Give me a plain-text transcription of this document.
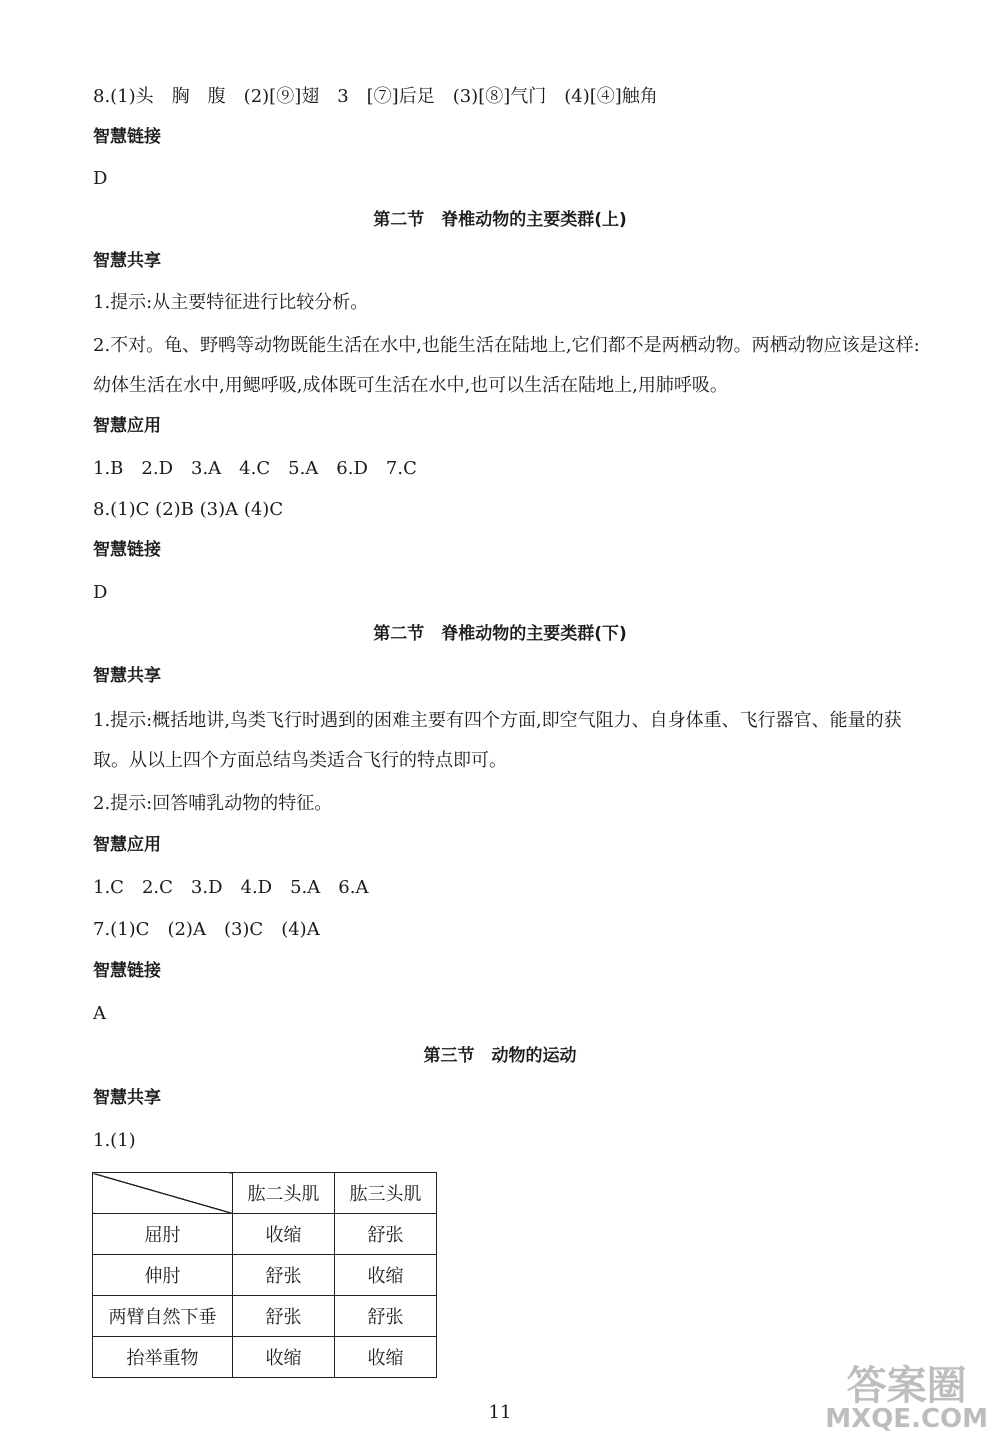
8.(1)头　胸　腹　(2)[⑨]翅　3　[⑦]后足　(3)[⑧]气门　(4)[④]触角
智慧链接
D
第二节　脊椎动物的主要类群(上)
智慧共享
1.提示:从主要特征进行比较分析。
2.不对。龟、野鸭等动物既能生活在水中,也能生活在陆地上,它们都不是两栖动物。两栖动物应该是这样:幼体生活在水中,用鳃呼吸,成体既可生活在水中,也可以生活在陆地上,用肺呼吸。
智慧应用
1.B　2.D　3.A　4.C　5.A　6.D　7.C
8.(1)C (2)B (3)A (4)C
智慧链接
D
第二节　脊椎动物的主要类群(下)
智慧共享
1.提示:概括地讲,鸟类飞行时遇到的困难主要有四个方面,即空气阻力、自身体重、飞行器官、能量的获取。从以上四个方面总结鸟类适合飞行的特点即可。
2.提示:回答哺乳动物的特征。
智慧应用
1.C　2.C　3.D　4.D　5.A　6.A
7.(1)C　(2)A　(3)C　(4)A
智慧链接
A
第三节　动物的运动
智慧共享
1.(1)
	肱二头肌	肱三头肌
屈肘	收缩	舒张
伸肘	舒张	收缩
两臂自然下垂	舒张	舒张
抬举重物	收缩	收缩
11
答案圈
MXQE.COM
